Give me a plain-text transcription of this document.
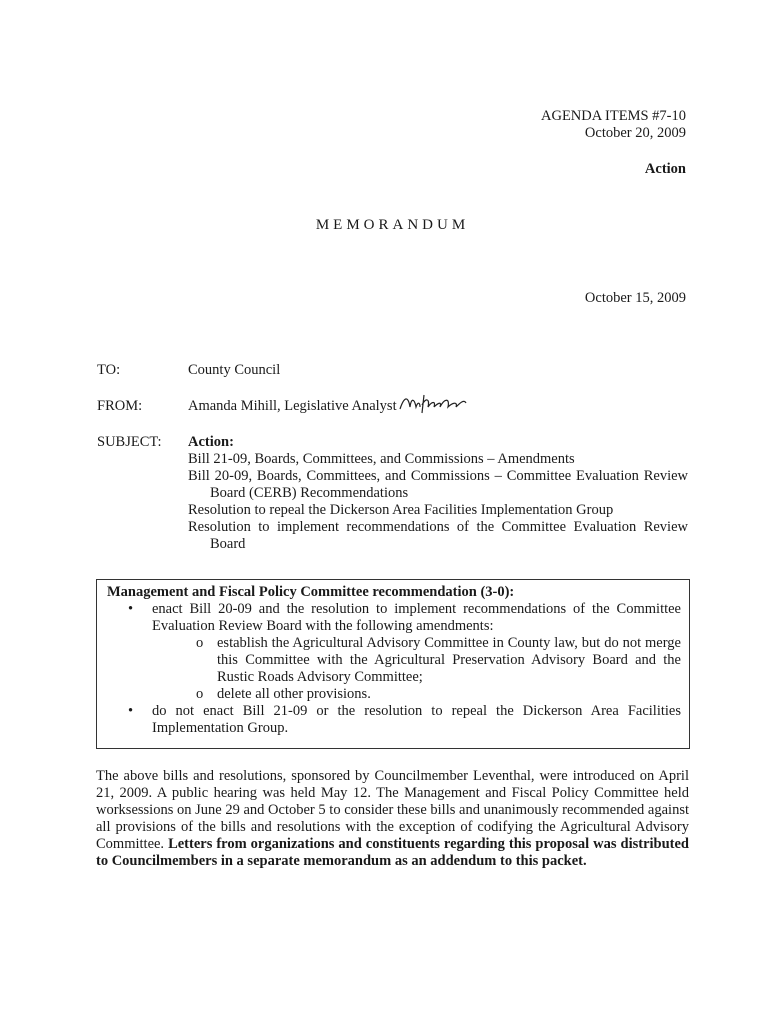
AGENDA ITEMS #7-10
October 20, 2009
Action
MEMORANDUM
October 15, 2009
TO:	County Council
FROM:	Amanda Mihill, Legislative Analyst
SUBJECT: Action:
Bill 21-09, Boards, Committees, and Commissions – Amendments
Bill 20-09, Boards, Committees, and Commissions – Committee Evaluation Review Board (CERB) Recommendations
Resolution to repeal the Dickerson Area Facilities Implementation Group
Resolution to implement recommendations of the Committee Evaluation Review Board
Management and Fiscal Policy Committee recommendation (3-0):
• enact Bill 20-09 and the resolution to implement recommendations of the Committee Evaluation Review Board with the following amendments:
o establish the Agricultural Advisory Committee in County law, but do not merge this Committee with the Agricultural Preservation Advisory Board and the Rustic Roads Advisory Committee;
o delete all other provisions.
• do not enact Bill 21-09 or the resolution to repeal the Dickerson Area Facilities Implementation Group.
The above bills and resolutions, sponsored by Councilmember Leventhal, were introduced on April 21, 2009. A public hearing was held May 12. The Management and Fiscal Policy Committee held worksessions on June 29 and October 5 to consider these bills and unanimously recommended against all provisions of the bills and resolutions with the exception of codifying the Agricultural Advisory Committee. Letters from organizations and constituents regarding this proposal was distributed to Councilmembers in a separate memorandum as an addendum to this packet.
